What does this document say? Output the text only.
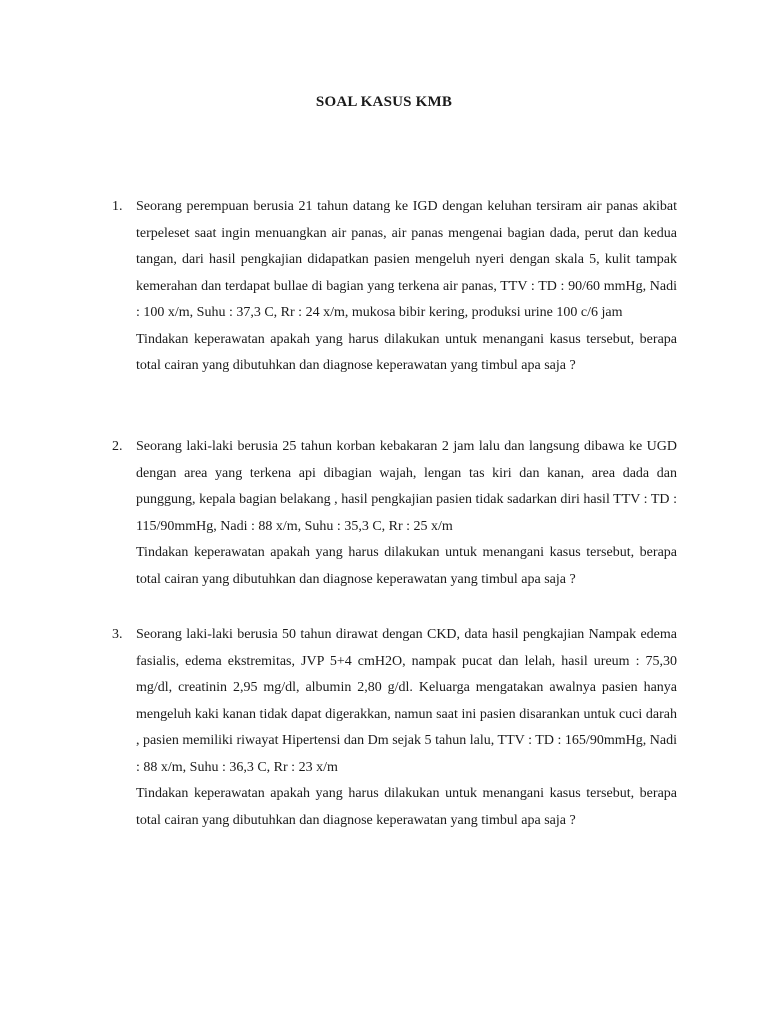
SOAL KASUS KMB
1. Seorang perempuan berusia 21 tahun datang ke IGD dengan keluhan tersiram air panas akibat terpeleset saat ingin menuangkan air panas, air panas mengenai bagian dada, perut dan kedua tangan, dari hasil pengkajian didapatkan pasien mengeluh nyeri dengan skala 5, kulit tampak kemerahan dan terdapat bullae di bagian yang terkena air panas, TTV : TD : 90/60 mmHg, Nadi : 100 x/m, Suhu : 37,3 C, Rr : 24 x/m, mukosa bibir kering, produksi urine 100 c/6 jam
Tindakan keperawatan apakah yang harus dilakukan untuk menangani kasus tersebut, berapa total cairan yang dibutuhkan dan diagnose keperawatan yang timbul apa saja ?
2. Seorang laki-laki berusia 25 tahun korban kebakaran 2 jam lalu dan langsung dibawa ke UGD dengan area yang terkena api dibagian wajah, lengan tas kiri dan kanan, area dada dan punggung, kepala bagian belakang , hasil pengkajian pasien tidak sadarkan diri hasil TTV : TD : 115/90mmHg, Nadi : 88 x/m, Suhu : 35,3 C, Rr : 25 x/m
Tindakan keperawatan apakah yang harus dilakukan untuk menangani kasus tersebut, berapa total cairan yang dibutuhkan dan diagnose keperawatan yang timbul apa saja ?
3. Seorang laki-laki berusia 50 tahun dirawat dengan CKD, data hasil pengkajian Nampak edema fasialis, edema ekstremitas, JVP 5+4 cmH2O, nampak pucat dan lelah, hasil ureum : 75,30 mg/dl, creatinin 2,95 mg/dl, albumin 2,80 g/dl. Keluarga mengatakan awalnya pasien hanya mengeluh kaki kanan tidak dapat digerakkan, namun saat ini pasien disarankan untuk cuci darah , pasien memiliki riwayat Hipertensi dan Dm sejak 5 tahun lalu, TTV : TD : 165/90mmHg, Nadi : 88 x/m, Suhu : 36,3 C, Rr : 23 x/m
Tindakan keperawatan apakah yang harus dilakukan untuk menangani kasus tersebut, berapa total cairan yang dibutuhkan dan diagnose keperawatan yang timbul apa saja ?
